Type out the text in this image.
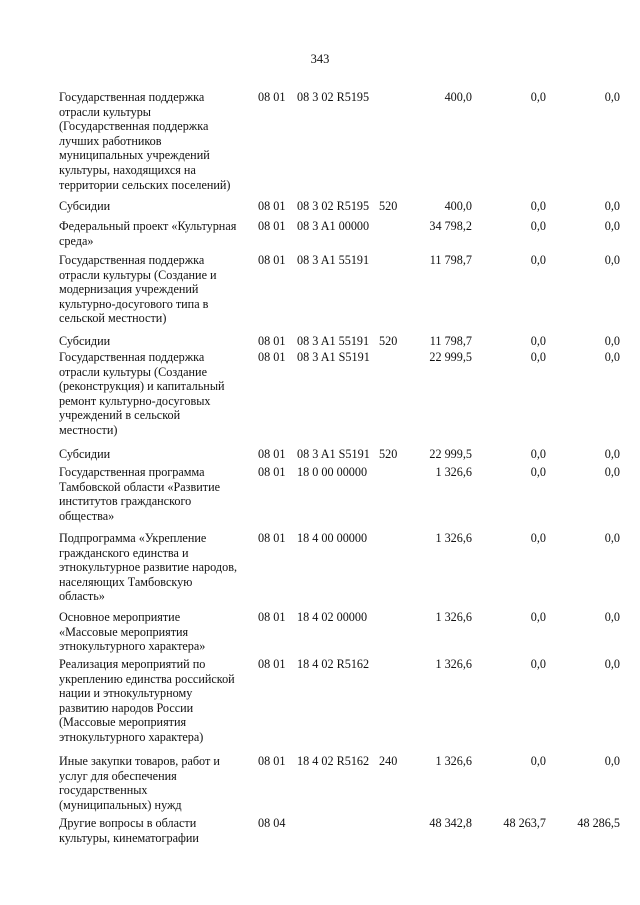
343
Государственная поддержка
отрасли культуры
(Государственная поддержка
лучших работников
муниципальных учреждений
культуры, находящихся на
территории сельских поселений)
08 01 08 3 02 R5195	400,0	0,0	0,0
Субсидии	08 01 08 3 02 R5195 520	400,0	0,0	0,0
Федеральный проект «Культурная
среда»
08 01 08 3 A1 00000	34 798,2	0,0	0,0
Государственная поддержка
отрасли культуры (Создание и
модернизация учреждений
культурно-досугового типа в
сельской местности)
08 01 08 3 A1 55191	11 798,7	0,0	0,0
Субсидии	08 01 08 3 A1 55191 520	11 798,7	0,0	0,0
Государственная поддержка
отрасли культуры (Создание
(реконструкция) и капитальный
ремонт культурно-досуговых
учреждений в сельской
местности)
08 01 08 3 A1 S5191	22 999,5	0,0	0,0
Субсидии	08 01 08 3 A1 S5191 520	22 999,5	0,0	0,0
Государственная программа
Тамбовской области «Развитие
институтов гражданского
общества»
08 01 18 0 00 00000	1 326,6	0,0	0,0
Подпрограмма «Укрепление
гражданского единства и
этнокультурное развитие народов,
населяющих Тамбовскую
область»
08 01 18 4 00 00000	1 326,6	0,0	0,0
Основное мероприятие
«Массовые мероприятия
этнокультурного характера»
08 01 18 4 02 00000	1 326,6	0,0	0,0
Реализация мероприятий по
укреплению единства российской
нации и этнокультурному
развитию народов России
(Массовые мероприятия
этнокультурного характера)
08 01 18 4 02 R5162	1 326,6	0,0	0,0
Иные закупки товаров, работ и
услуг для обеспечения
государственных
(муниципальных) нужд
08 01 18 4 02 R5162 240	1 326,6	0,0	0,0
Другие вопросы в области
культуры, кинематографии
08 04	48 342,8	48 263,7	48 286,5
